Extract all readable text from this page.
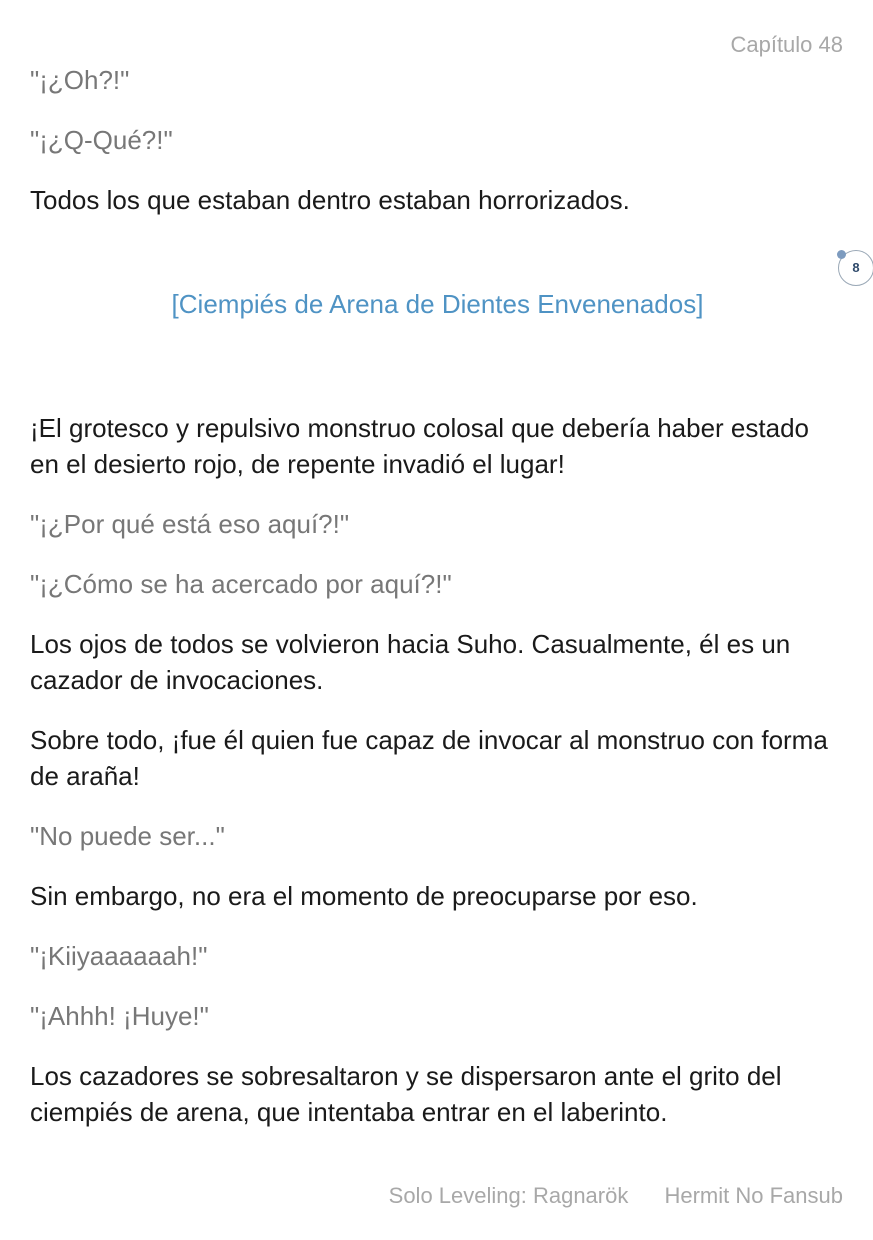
Capítulo 48
8

"¡¿Oh?!"

"¡¿Q-Qué?!"

Todos los que estaban dentro estaban horrorizados.

[Ciempiés de Arena de Dientes Envenenados]

¡El grotesco y repulsivo monstruo colosal que debería haber estado en el desierto rojo, de repente invadió el lugar!

"¡¿Por qué está eso aquí?!"

"¡¿Cómo se ha acercado por aquí?!"

Los ojos de todos se volvieron hacia Suho. Casualmente, él es un cazador de invocaciones.

Sobre todo, ¡fue él quien fue capaz de invocar al monstruo con forma de araña!

"No puede ser..."

Sin embargo, no era el momento de preocuparse por eso.

"¡Kiiyaaaaaah!"

"¡Ahhh! ¡Huye!"

Los cazadores se sobresaltaron y se dispersaron ante el grito del ciempiés de arena, que intentaba entrar en el laberinto.

Solo Leveling: Ragnarök Hermit No Fansub
